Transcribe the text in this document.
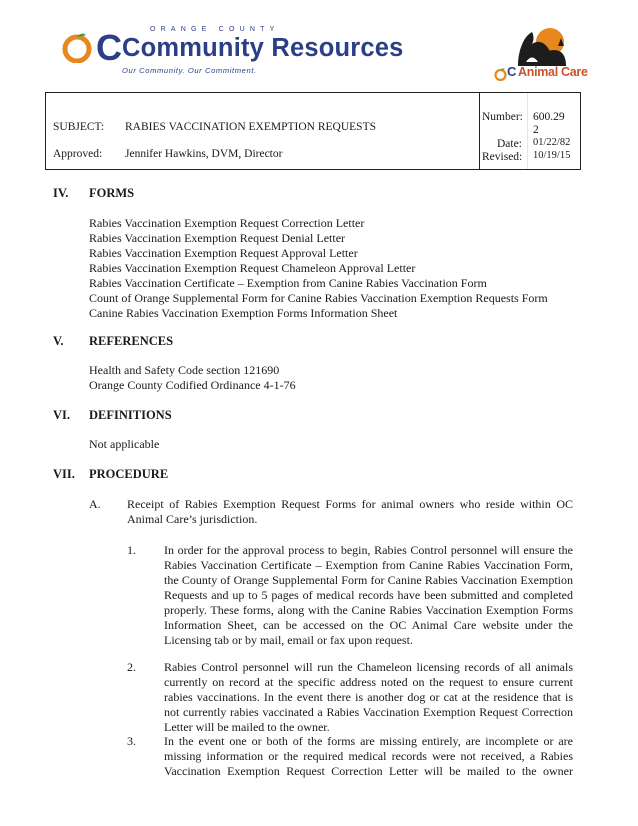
ORANGE COUNTY
C Community Resources
Our Community. Our Commitment.	C Animal Care
SUBJECT: RABIES VACCINATION EXEMPTION REQUESTS
Approved: Jennifer Hawkins, DVM, Director
Number: 600.29
2
Date: 01/22/82
Revised: 10/19/15
IV. FORMS
Rabies Vaccination Exemption Request Correction Letter
Rabies Vaccination Exemption Request Denial Letter
Rabies Vaccination Exemption Request Approval Letter
Rabies Vaccination Exemption Request Chameleon Approval Letter
Rabies Vaccination Certificate – Exemption from Canine Rabies Vaccination Form
Count of Orange Supplemental Form for Canine Rabies Vaccination Exemption Requests Form
Canine Rabies Vaccination Exemption Forms Information Sheet
V. REFERENCES
Health and Safety Code section 121690
Orange County Codified Ordinance 4-1-76
VI. DEFINITIONS
Not applicable
VII. PROCEDURE
A. Receipt of Rabies Exemption Request Forms for animal owners who reside within OC Animal Care’s jurisdiction.
1. In order for the approval process to begin, Rabies Control personnel will ensure the Rabies Vaccination Certificate – Exemption from Canine Rabies Vaccination Form, the County of Orange Supplemental Form for Canine Rabies Vaccination Exemption Requests and up to 5 pages of medical records have been submitted and completed properly. These forms, along with the Canine Rabies Vaccination Exemption Forms Information Sheet, can be accessed on the OC Animal Care website under the Licensing tab or by mail, email or fax upon request.
2. Rabies Control personnel will run the Chameleon licensing records of all animals currently on record at the specific address noted on the request to ensure current rabies vaccinations. In the event there is another dog or cat at the residence that is not currently rabies vaccinated a Rabies Vaccination Exemption Request Correction Letter will be mailed to the owner.
3. In the event one or both of the forms are missing entirely, are incomplete or are missing information or the required medical records were not received, a Rabies Vaccination Exemption Request Correction Letter will be mailed to the owner
